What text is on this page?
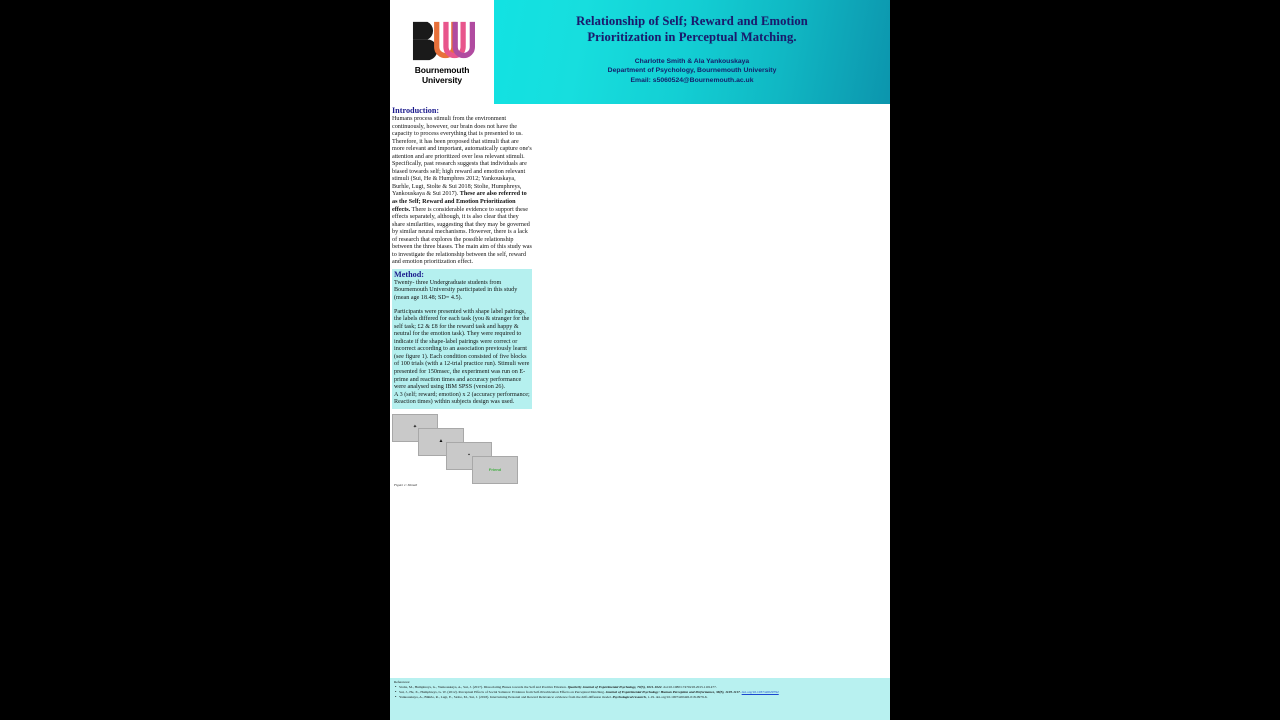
Bournemouth
University
Relationship of Self; Reward and Emotion
Prioritization in Perceptual Matching.
Charlotte Smith & Ala Yankouskaya
Department of Psychology, Bournemouth University
Email: s5060524@Bournemouth.ac.uk
Introduction:
Humans process stimuli from the environment continuously, however, our brain does not have the capacity to process everything that is presented to us. Therefore, it has been proposed that stimuli that are more relevant and important, automatically capture one's attention and are prioritized over less relevant stimuli. Specifically, past research suggests that individuals are biased towards self; high reward and emotion relevant stimuli (Sui, He & Humphres 2012; Yankouskaya, Burhle, Lugt, Stolte & Sui 2018; Stolte, Humphreys, Yankouskaya & Sui 2017). These are also referred to as the Self; Reward and Emotion Prioritization effects. There is considerable evidence to support these effects separately, although, it is also clear that they share similarities, suggesting that they may be governed by similar neural mechanisms. However, there is a lack of research that explores the possible relationship between the three biases. The main aim of this study was to investigate the relationship between the self, reward and emotion prioritization effect.
Method:
Twenty- three Undergraduate students from Bournemouth University participated in this study (mean age 18.48; SD= 4.5).
Participants were presented with shape label pairings, the labels differed for each task (you & stranger for the self task; £2 & £8 for the reward task and happy & neutral for the emotion task). They were required to indicate if the shape-label pairings were correct or incorrect according to an association previously learnt (see figure 1). Each condition consisted of five blocks of 100 trials (with a 12-trial practice run). Stimuli were presented for 150msec, the experiment was run on E-prime and reaction times and accuracy performance were analysed using IBM SPSS (version 26).
A 3 (self; reward; emotion) x 2 (accuracy performance; Reaction times) within subjects design was used.
✦
▲
▪
Friend
Figure 1: Stimuli

References:
• Stolte, M., Humphreys, G., Yankouskaya, A., Sui, J. (2017). Dissociating Biases towards the Self and Positive Emotion. Quarterly Journal of Experimental Psychology, 70(5), 1011-1022. doi:10.1080/17470218.2015.1101477.
• Sui, J., He, X., Humphreys, G. W. (2012). Perceptual Effects of Social Salience: Evidence from Self-Prioritization Effects on Perceptual Matching. Journal of Experimental Psychology: Human Perception and Performance, 38(5), 1105-1117. doi.org/10.1037/a0029792
• Yankouskaya, A., Bührle, R., Lugt, E., Stolte, M., Sui, J. (2018). Intertwining Personal and Reward Relevance: evidence from the drift-diffusion model. Psychological research, 1-19. doi.org/10.1007/s00426-018-0979-6.
